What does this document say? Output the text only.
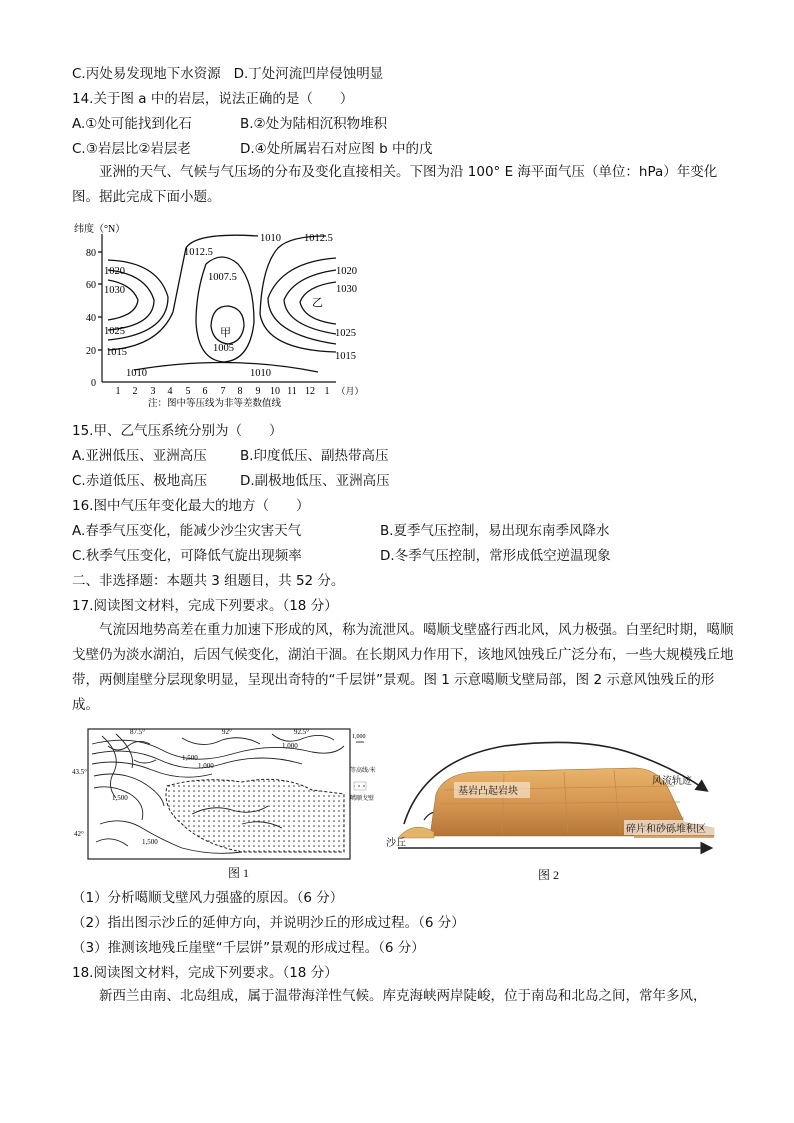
C.丙处易发现地下水资源 D.丁处河流凹岸侵蚀明显
14.关于图 a 中的岩层，说法正确的是（　　）
A.①处可能找到化石	B.②处为陆相沉积物堆积
C.③岩层比②岩层老	D.④处所属岩石对应图 b 中的戊
亚洲的天气、气候与气压场的分布及变化直接相关。下图为沿 100° E 海平面气压（单位：hPa）年变化图。据此完成下面小题。
纬度（°N）
80
60
40
20
0
1 2 3 4 5 6 7 8 9 10 11 12 1 （月）
1010 1012.5
1012.5
1007.5
1020
1030
1025
1015
1020
1030
1025
1015
1005
1010	1010
甲
乙
注：图中等压线为非等差数值线
15.甲、乙气压系统分别为（　　）
A.亚洲低压、亚洲高压 B.印度低压、副热带高压
C.赤道低压、极地高压 D.副极地低压、亚洲高压
16.图中气压年变化最大的地方（　　）
A.春季气压变化，能减少沙尘灾害天气	B.夏季气压控制，易出现东南季风降水
C.秋季气压变化，可降低气旋出现频率	D.冬季气压控制，常形成低空逆温现象
二、非选择题：本题共 3 组题目，共 52 分。
17.阅读图文材料，完成下列要求。（18 分）
气流因地势高差在重力加速下形成的风，称为流泄风。噶顺戈壁盛行西北风，风力极强。白垩纪时期，噶顺戈壁仍为淡水湖泊，后因气候变化，湖泊干涸。在长期风力作用下，该地风蚀残丘广泛分布，一些大规模残丘地带，两侧崖壁分层现象明显，呈现出奇特的“千层饼”景观。图 1 示意噶顺戈壁局部，图 2 示意风蚀残丘的形成。
87.5°	92°	92.5°
43.5°
42°
1,500
1,000
1,500
1,000
1,500
1,000
等高线/米
噶顺戈壁
图 1
基岩凸起岩块
风流轨迹
碎片和砂砾堆积区
沙丘
图 2
（1）分析噶顺戈壁风力强盛的原因。（6 分）
（2）指出图示沙丘的延伸方向，并说明沙丘的形成过程。（6 分）
（3）推测该地残丘崖壁“千层饼”景观的形成过程。（6 分）
18.阅读图文材料，完成下列要求。（18 分）
新西兰由南、北岛组成，属于温带海洋性气候。库克海峡两岸陡峻，位于南岛和北岛之间，常年多风，
